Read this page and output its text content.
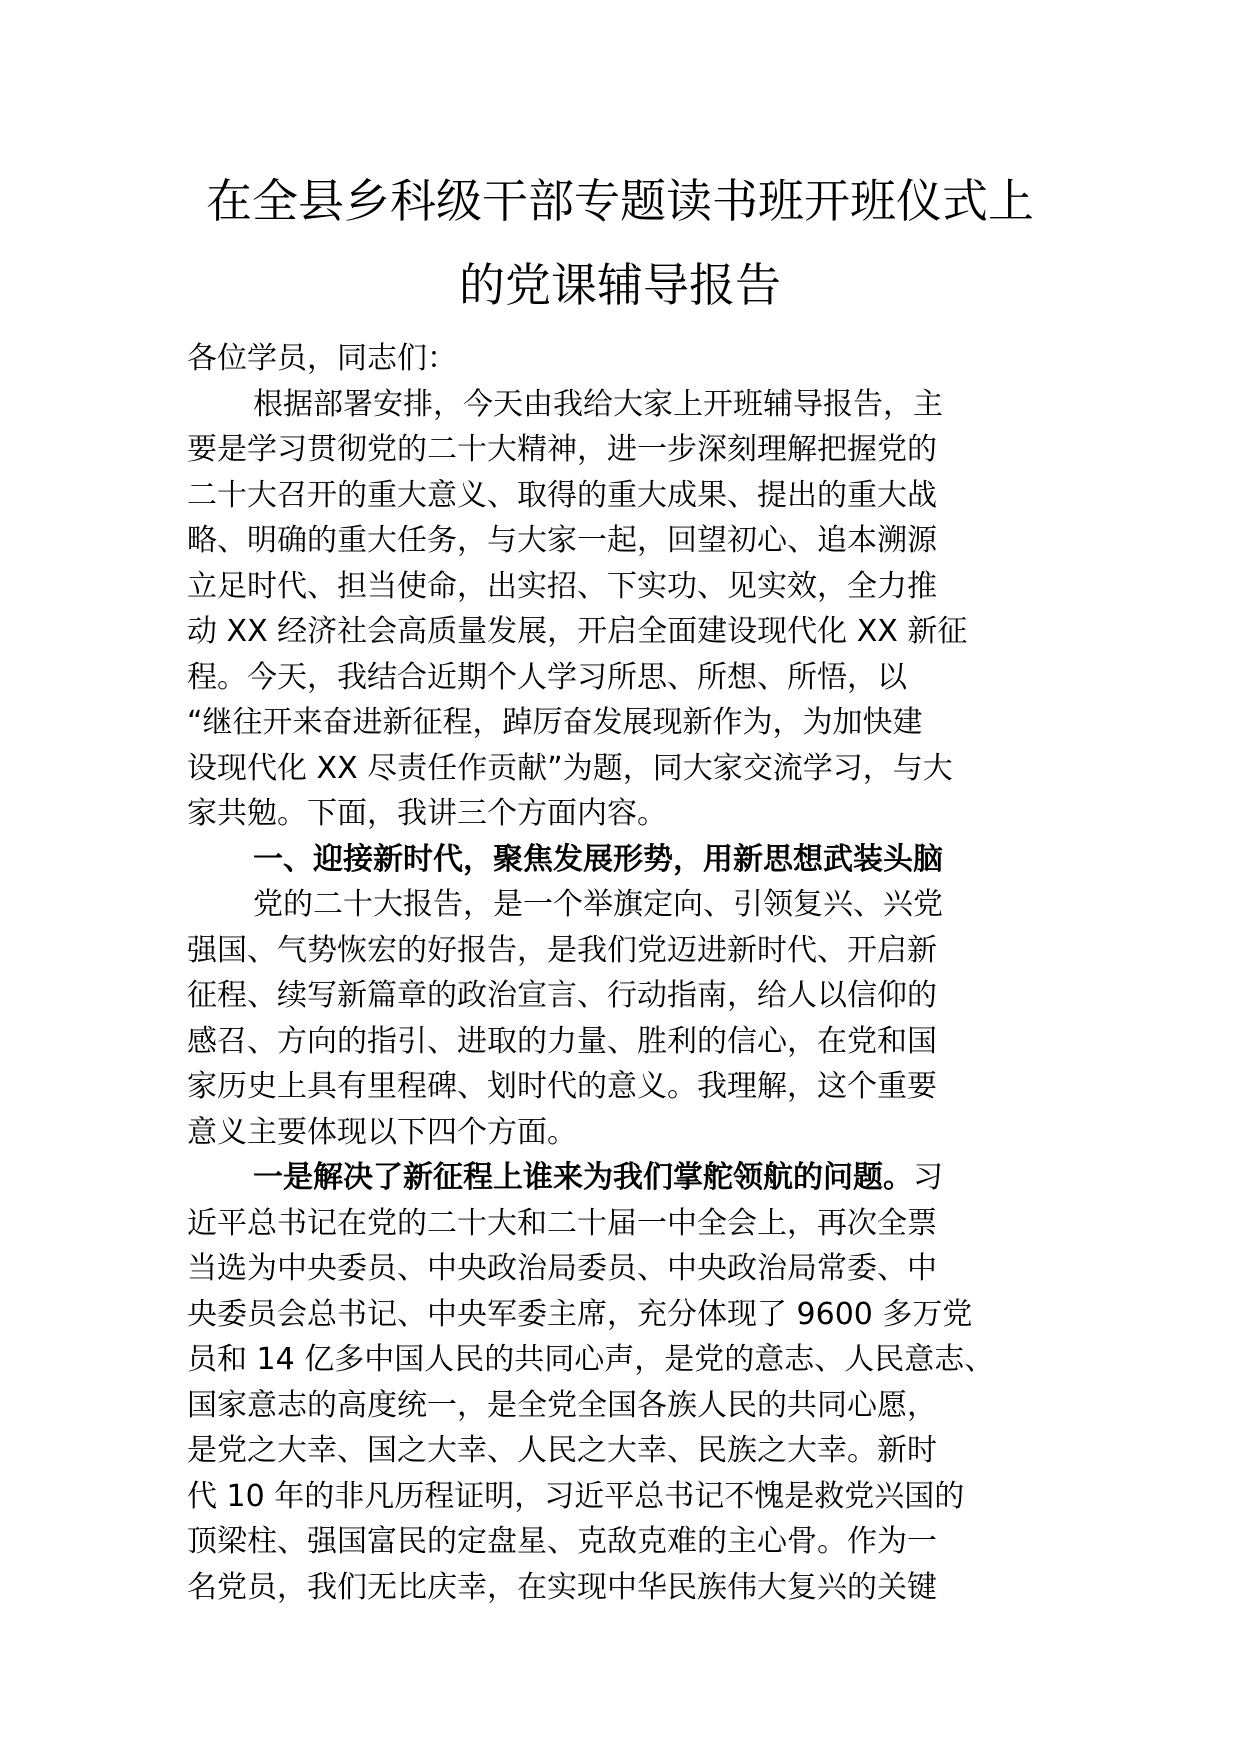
在全县乡科级干部专题读书班开班仪式上
的党课辅导报告
各位学员，同志们：
根据部署安排，今天由我给大家上开班辅导报告，主
要是学习贯彻党的二十大精神，进一步深刻理解把握党的
二十大召开的重大意义、取得的重大成果、提出的重大战
略、明确的重大任务，与大家一起，回望初心、追本溯源
立足时代、担当使命，出实招、下实功、见实效，全力推
动 XX 经济社会高质量发展，开启全面建设现代化 XX 新征
程。今天，我结合近期个人学习所思、所想、所悟，以
“继往开来奋进新征程，踔厉奋发展现新作为，为加快建
设现代化 XX 尽责任作贡献”为题，同大家交流学习，与大
家共勉。下面，我讲三个方面内容。
一、迎接新时代，聚焦发展形势，用新思想武装头脑
党的二十大报告，是一个举旗定向、引领复兴、兴党
强国、气势恢宏的好报告，是我们党迈进新时代、开启新
征程、续写新篇章的政治宣言、行动指南，给人以信仰的
感召、方向的指引、进取的力量、胜利的信心，在党和国
家历史上具有里程碑、划时代的意义。我理解，这个重要
意义主要体现以下四个方面。
一是解决了新征程上谁来为我们掌舵领航的问题。习
近平总书记在党的二十大和二十届一中全会上，再次全票
当选为中央委员、中央政治局委员、中央政治局常委、中
央委员会总书记、中央军委主席，充分体现了 9600 多万党
员和 14 亿多中国人民的共同心声，是党的意志、人民意志、
国家意志的高度统一，是全党全国各族人民的共同心愿，
是党之大幸、国之大幸、人民之大幸、民族之大幸。新时
代 10 年的非凡历程证明，习近平总书记不愧是救党兴国的
顶梁柱、强国富民的定盘星、克敌克难的主心骨。作为一
名党员，我们无比庆幸，在实现中华民族伟大复兴的关键
